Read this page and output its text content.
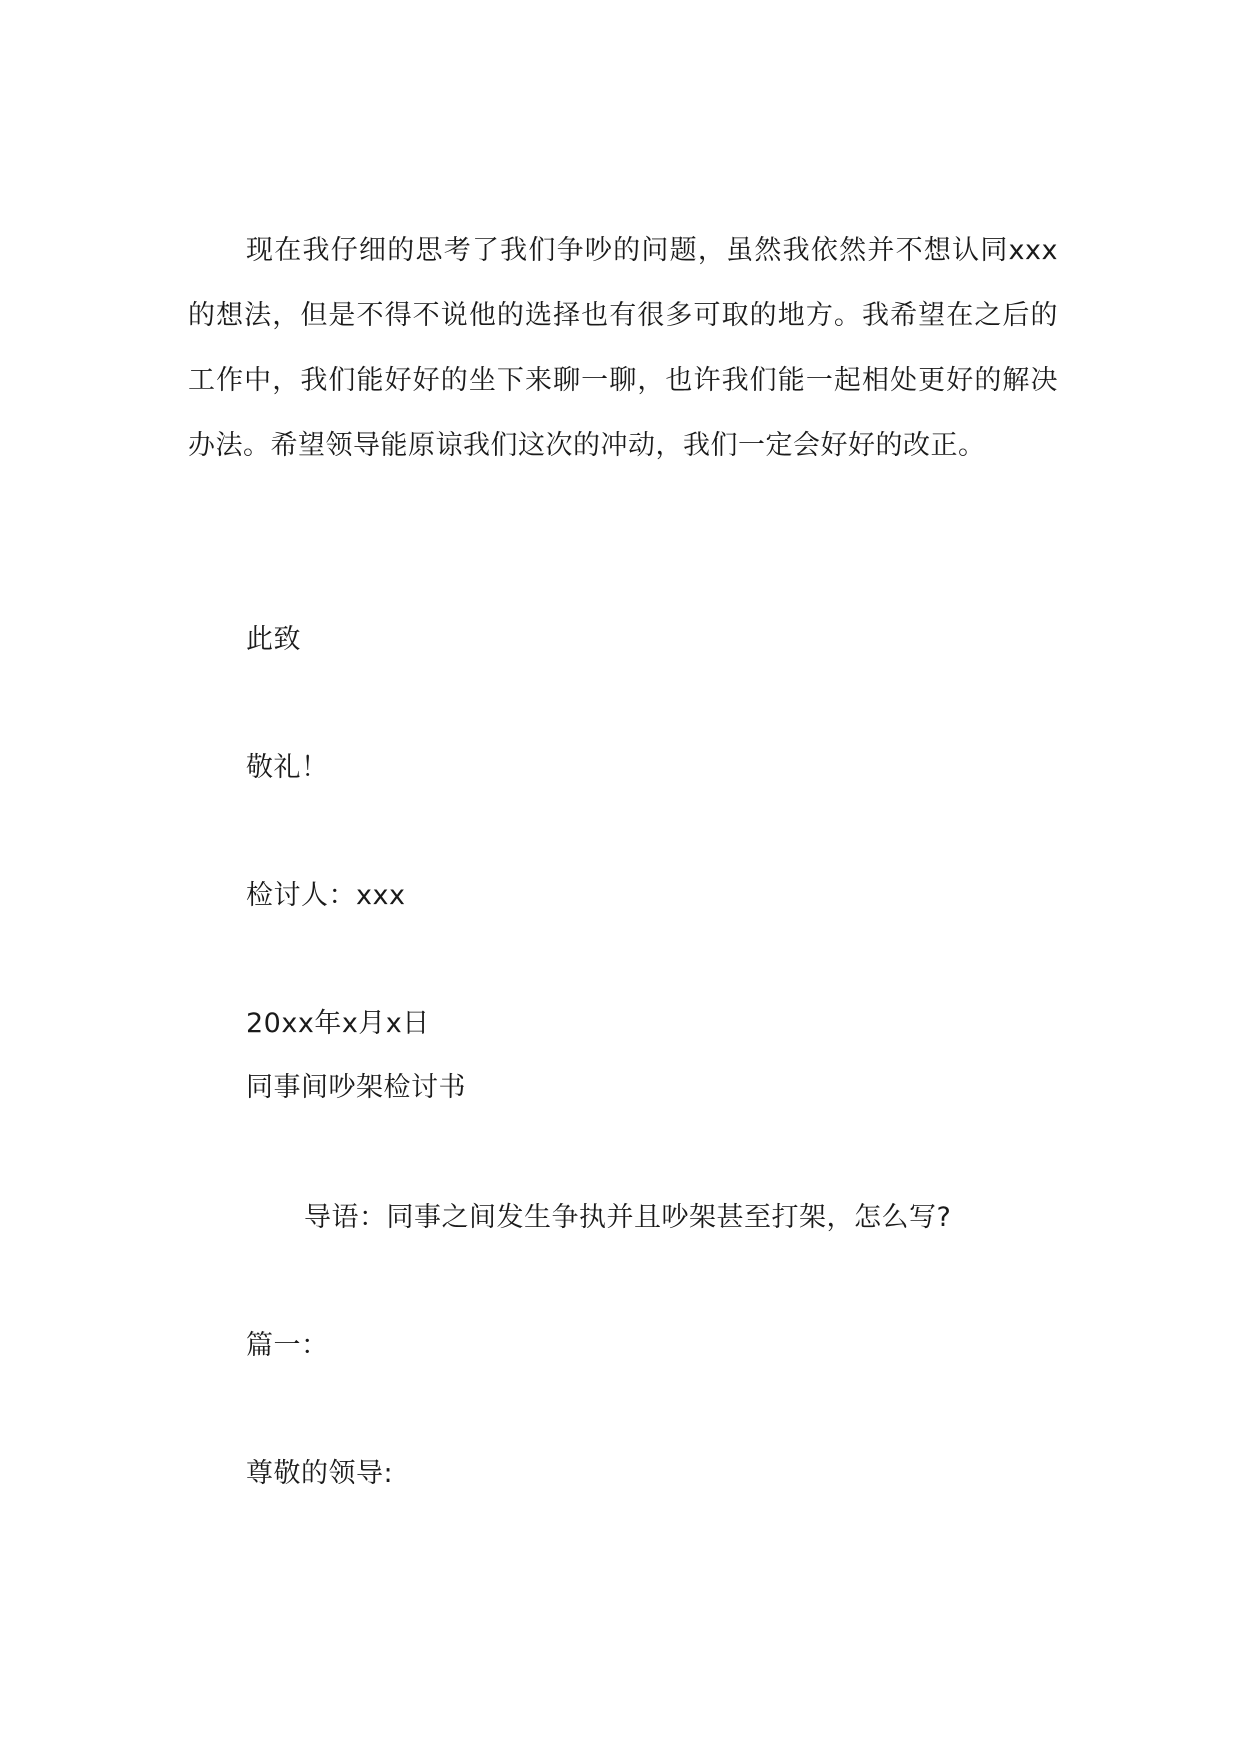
现在我仔细的思考了我们争吵的问题，虽然我依然并不想认同xxx的想法，但是不得不说他的选择也有很多可取的地方。我希望在之后的工作中，我们能好好的坐下来聊一聊，也许我们能一起相处更好的解决办法。希望领导能原谅我们这次的冲动，我们一定会好好的改正。

此致

敬礼！

检讨人：xxx

20xx年x月x日

同事间吵架检讨书

导语：同事之间发生争执并且吵架甚至打架，怎么写?

篇一：

尊敬的领导:
